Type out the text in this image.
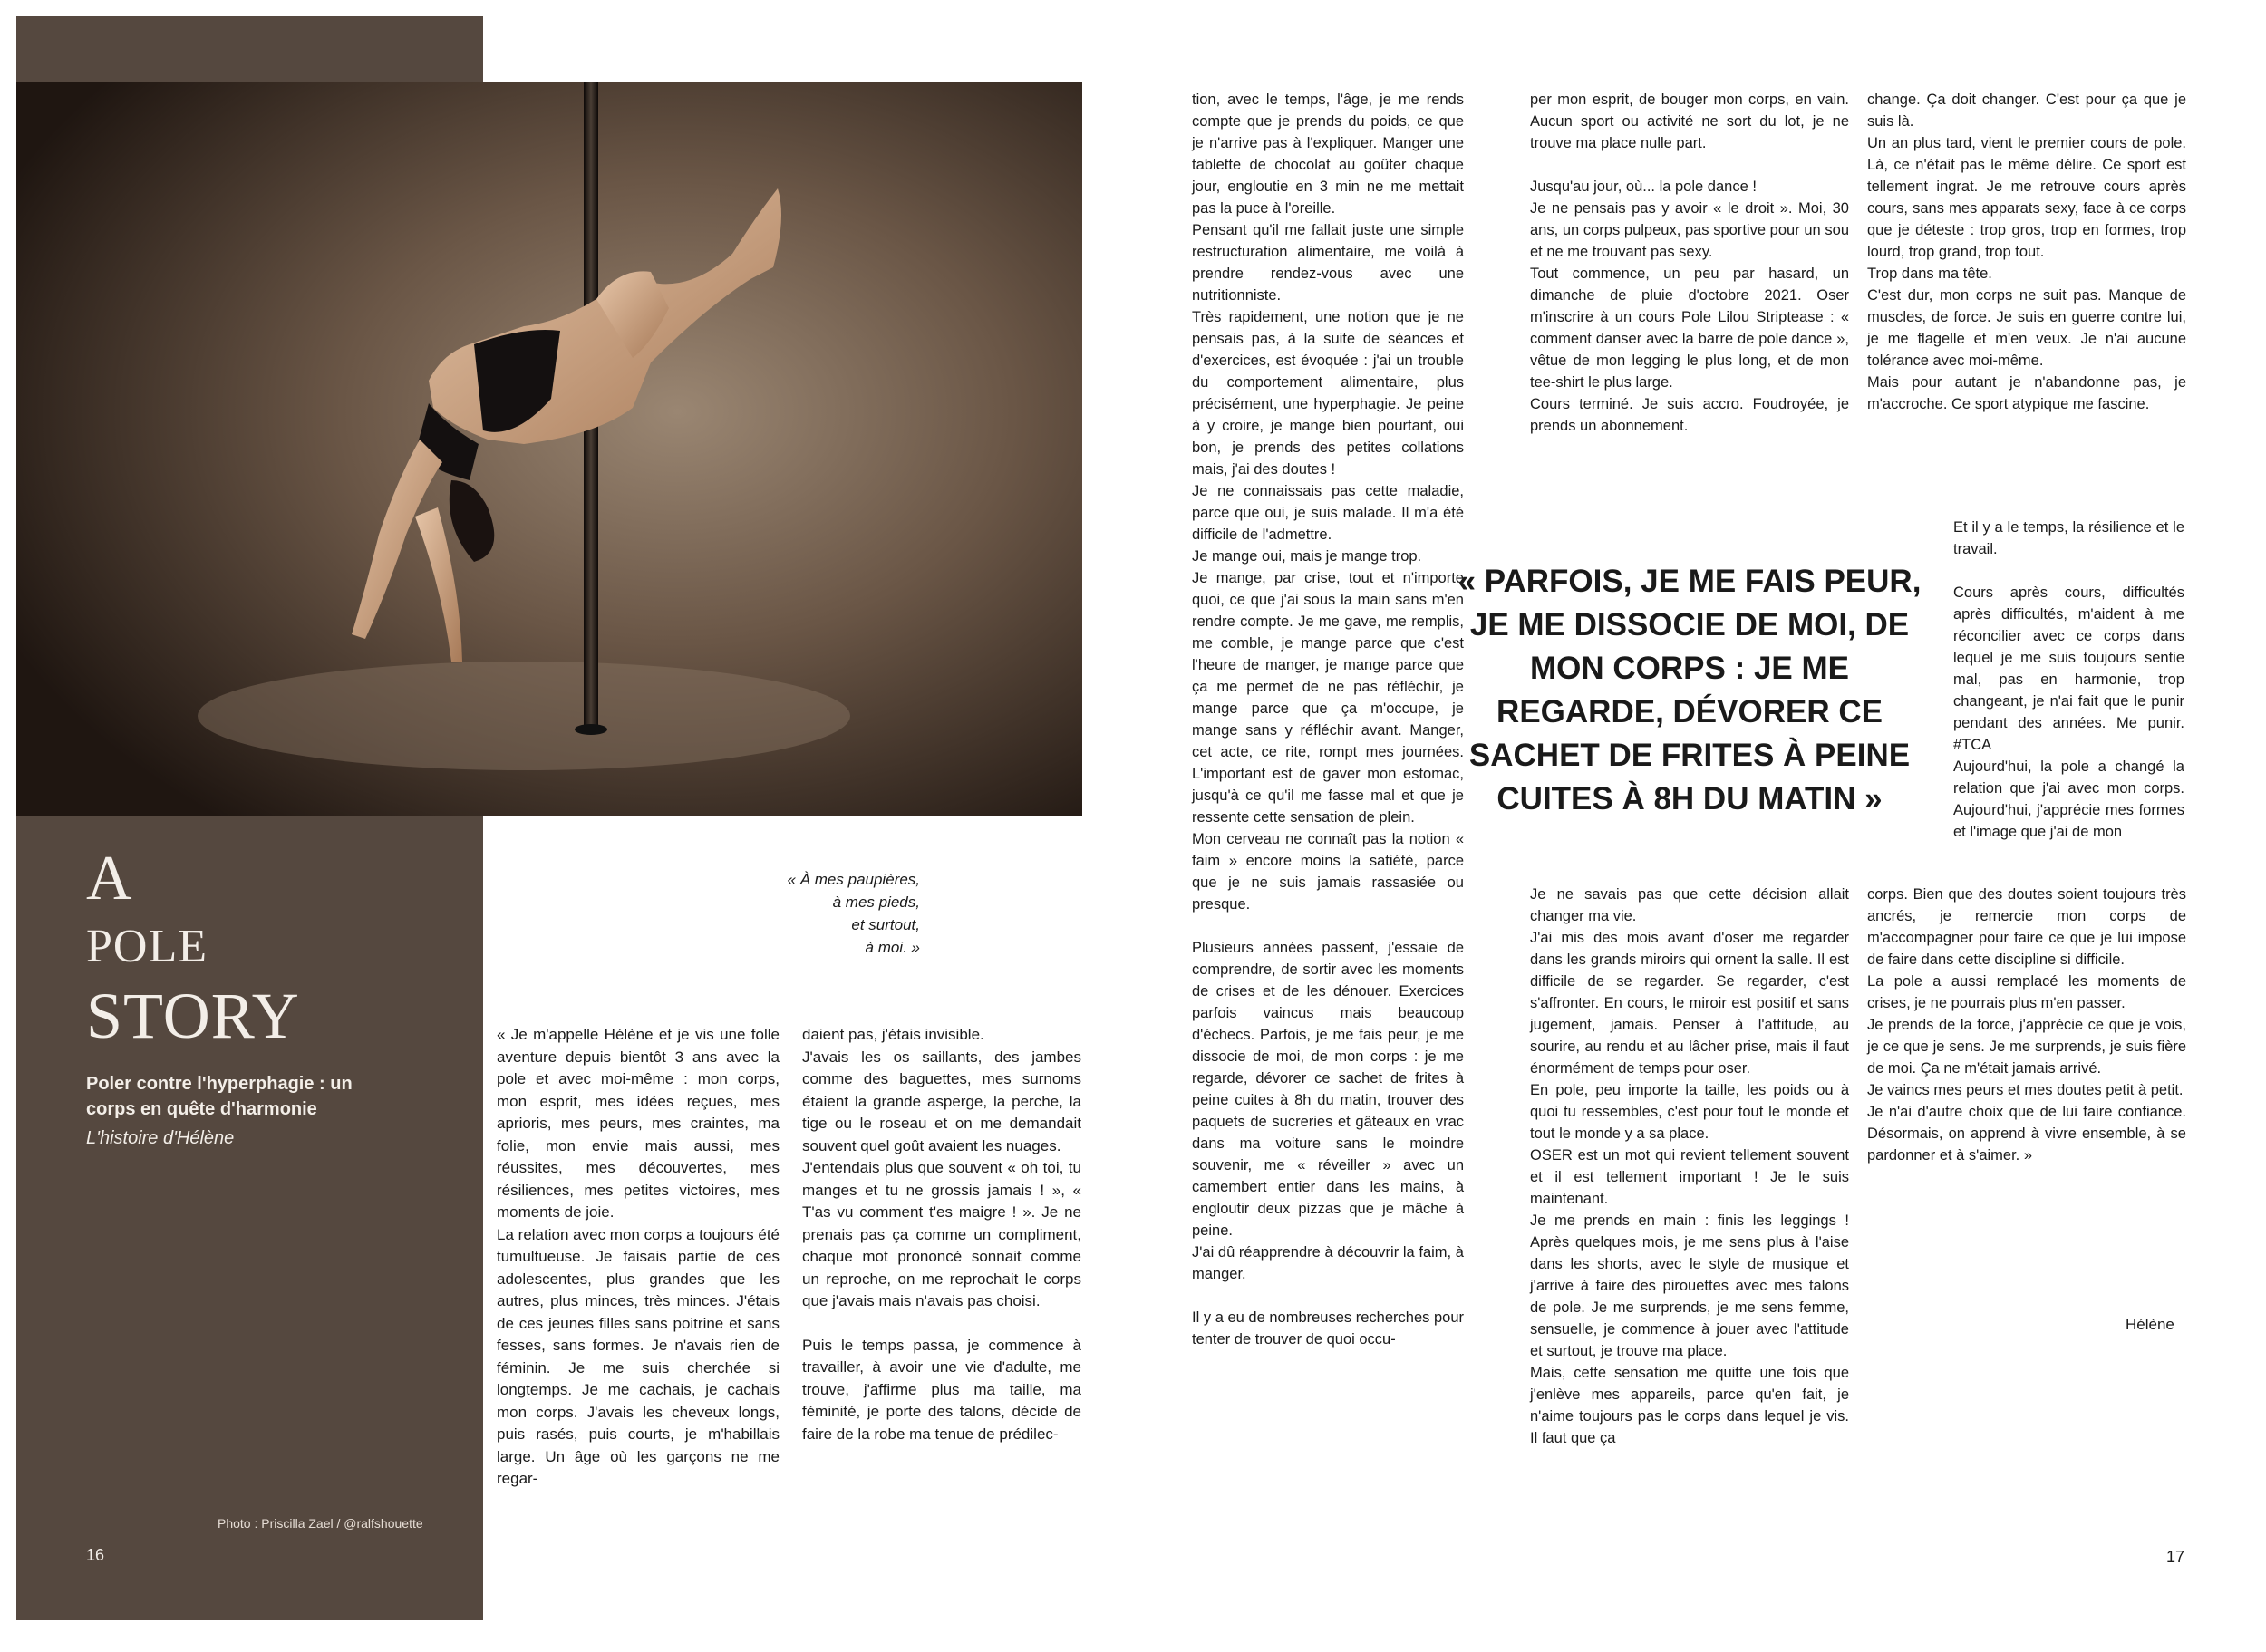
A
POLE
STORY
Poler contre l'hyperphagie : un corps en quête d'harmonie
L'histoire d'Hélène
Photo : Priscilla Zael / @ralfshouette
16
« À mes paupières,
à mes pieds,
et surtout,
à moi. »

« Je m'appelle Hélène et je vis une folle aventure depuis bientôt 3 ans avec la pole et avec moi-même : mon corps, mon esprit, mes idées reçues, mes aprioris, mes peurs, mes craintes, ma folie, mon envie mais aussi, mes réussites, mes découvertes, mes résiliences, mes petites victoires, mes moments de joie.

La relation avec mon corps a toujours été tumultueuse. Je faisais partie de ces adolescentes, plus grandes que les autres, plus minces, très minces. J'étais de ces jeunes filles sans poitrine et sans fesses, sans formes. Je n'avais rien de féminin. Je me suis cherchée si longtemps. Je me cachais, je cachais mon corps. J'avais les cheveux longs, puis rasés, puis courts, je m'habillais large. Un âge où les garçons ne me regar-

daient pas, j'étais invisible.

J'avais les os saillants, des jambes comme des baguettes, mes surnoms étaient la grande asperge, la perche, la tige ou le roseau et on me demandait souvent quel goût avaient les nuages.

J'entendais plus que souvent « oh toi, tu manges et tu ne grossis jamais ! », « T'as vu comment t'es maigre ! ». Je ne prenais pas ça comme un compliment, chaque mot prononcé sonnait comme un reproche, on me reprochait le corps que j'avais mais n'avais pas choisi.

Puis le temps passa, je commence à travailler, à avoir une vie d'adulte, me trouve, j'affirme plus ma taille, ma féminité, je porte des talons, décide de faire de la robe ma tenue de prédilec-

tion, avec le temps, l'âge, je me rends compte que je prends du poids, ce que je n'arrive pas à l'expliquer. Manger une tablette de chocolat au goûter chaque jour, engloutie en 3 min ne me mettait pas la puce à l'oreille.

Pensant qu'il me fallait juste une simple restructuration alimentaire, me voilà à prendre rendez-vous avec une nutritionniste.

Très rapidement, une notion que je ne pensais pas, à la suite de séances et d'exercices, est évoquée : j'ai un trouble du comportement alimentaire, plus précisément, une hyperphagie. Je peine à y croire, je mange bien pourtant, oui bon, je prends des petites collations mais, j'ai des doutes !

Je ne connaissais pas cette maladie, parce que oui, je suis malade. Il m'a été difficile de l'admettre.

Je mange oui, mais je mange trop.

Je mange, par crise, tout et n'importe quoi, ce que j'ai sous la main sans m'en rendre compte. Je me gave, me remplis, me comble, je mange parce que c'est l'heure de manger, je mange parce que ça me permet de ne pas réfléchir, je mange parce que ça m'occupe, je mange sans y réfléchir avant. Manger, cet acte, ce rite, rompt mes journées. L'important est de gaver mon estomac, jusqu'à ce qu'il me fasse mal et que je ressente cette sensation de plein.

Mon cerveau ne connaît pas la notion « faim » encore moins la satiété, parce que je ne suis jamais rassasiée ou presque.

Plusieurs années passent, j'essaie de comprendre, de sortir avec les moments de crises et de les dénouer. Exercices parfois vaincus mais beaucoup d'échecs. Parfois, je me fais peur, je me dissocie de moi, de mon corps : je me regarde, dévorer ce sachet de frites à peine cuites à 8h du matin, trouver des paquets de sucreries et gâteaux en vrac dans ma voiture sans le moindre souvenir, me « réveiller » avec un camembert entier dans les mains, à engloutir deux pizzas que je mâche à peine.

J'ai dû réapprendre à découvrir la faim, à manger.

Il y a eu de nombreuses recherches pour tenter de trouver de quoi occu-

per mon esprit, de bouger mon corps, en vain. Aucun sport ou activité ne sort du lot, je ne trouve ma place nulle part.

Jusqu'au jour, où... la pole dance !

Je ne pensais pas y avoir « le droit ». Moi, 30 ans, un corps pulpeux, pas sportive pour un sou et ne me trouvant pas sexy.

Tout commence, un peu par hasard, un dimanche de pluie d'octobre 2021. Oser m'inscrire à un cours Pole Lilou Striptease : « comment danser avec la barre de pole dance », vêtue de mon legging le plus long, et de mon tee-shirt le plus large.

Cours terminé. Je suis accro. Foudroyée, je prends un abonnement.

« PARFOIS, JE ME FAIS PEUR, JE ME DISSOCIE DE MOI, DE MON CORPS : JE ME REGARDE, DÉVORER CE SACHET DE FRITES À PEINE CUITES À 8H DU MATIN »

Je ne savais pas que cette décision allait changer ma vie.

J'ai mis des mois avant d'oser me regarder dans les grands miroirs qui ornent la salle. Il est difficile de se regarder. Se regarder, c'est s'affronter. En cours, le miroir est positif et sans jugement, jamais. Penser à l'attitude, au sourire, au rendu et au lâcher prise, mais il faut énormément de temps pour oser.

En pole, peu importe la taille, les poids ou à quoi tu ressembles, c'est pour tout le monde et tout le monde y a sa place.

OSER est un mot qui revient tellement souvent et il est tellement important ! Je le suis maintenant.

Je me prends en main : finis les leggings ! Après quelques mois, je me sens plus à l'aise dans les shorts, avec le style de musique et j'arrive à faire des pirouettes avec mes talons de pole. Je me surprends, je me sens femme, sensuelle, je commence à jouer avec l'attitude et surtout, je trouve ma place.

Mais, cette sensation me quitte une fois que j'enlève mes appareils, parce qu'en fait, je n'aime toujours pas le corps dans lequel je vis. Il faut que ça

change. Ça doit changer. C'est pour ça que je suis là.

Un an plus tard, vient le premier cours de pole. Là, ce n'était pas le même délire. Ce sport est tellement ingrat. Je me retrouve cours après cours, sans mes apparats sexy, face à ce corps que je déteste : trop gros, trop en formes, trop lourd, trop grand, trop tout.

Trop dans ma tête.

C'est dur, mon corps ne suit pas. Manque de muscles, de force. Je suis en guerre contre lui, je me flagelle et m'en veux. Je n'ai aucune tolérance avec moi-même.

Mais pour autant je n'abandonne pas, je m'accroche. Ce sport atypique me fascine.

Et il y a le temps, la résilience et le travail.

Cours après cours, difficultés après difficultés, m'aident à me réconcilier avec ce corps dans lequel je me suis toujours sentie mal, pas en harmonie, trop changeant, je n'ai fait que le punir pendant des années. Me punir. #TCA

Aujourd'hui, la pole a changé la relation que j'ai avec mon corps. Aujourd'hui, j'apprécie mes formes et l'image que j'ai de mon

corps. Bien que des doutes soient toujours très ancrés, je remercie mon corps de m'accompagner pour faire ce que je lui impose de faire dans cette discipline si difficile.

La pole a aussi remplacé les moments de crises, je ne pourrais plus m'en passer.

Je prends de la force, j'apprécie ce que je vois, je ce que je sens. Je me surprends, je suis fière de moi. Ça ne m'était jamais arrivé.

Je vaincs mes peurs et mes doutes petit à petit.

Je n'ai d'autre choix que de lui faire confiance. Désormais, on apprend à vivre ensemble, à se pardonner et à s'aimer. »

Hélène
17
